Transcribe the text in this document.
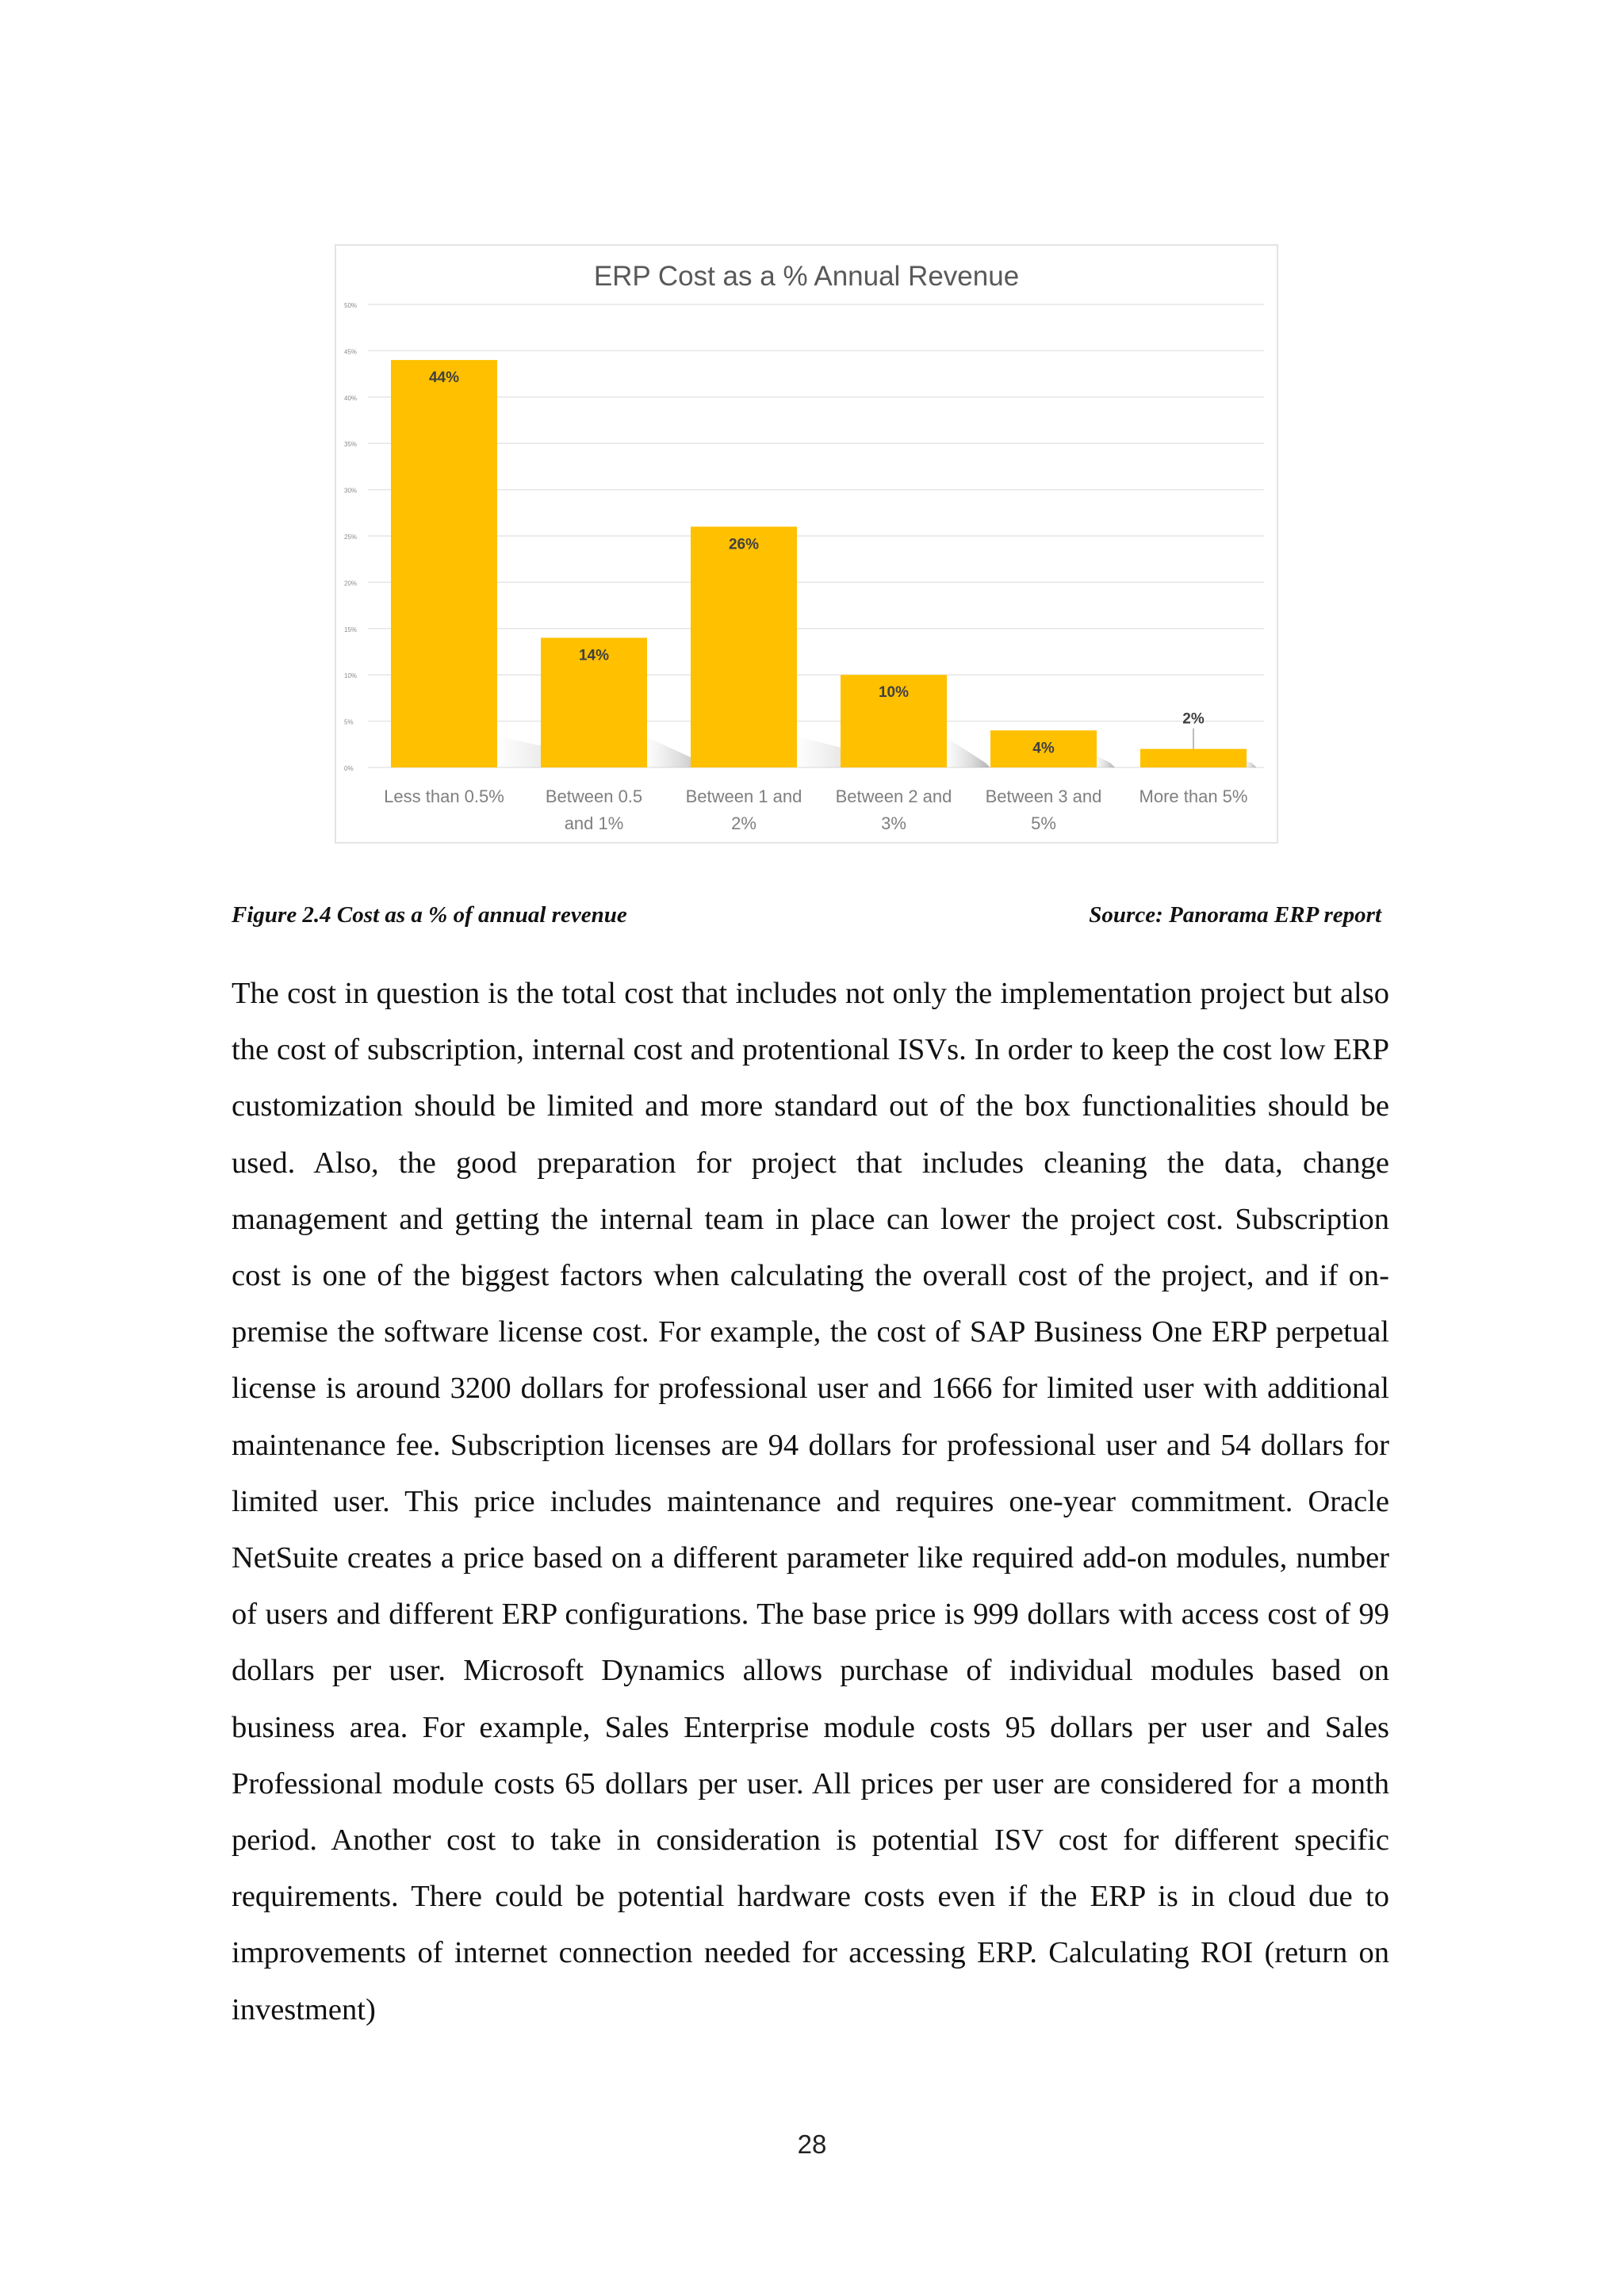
0%
5%
10%
15%
20%
25%
30%
35%
40%
45%
50%
44%
Less than 0.5%
14%
Between 0.5
and 1%
26%
Between 1 and
2%
10%
Between 2 and
3%
4%
Between 3 and
5%
2%
More than 5%
ERP Cost as a % Annual Revenue
Figure 2.4 Cost as a % of annual revenue	Source: Panorama ERP report

The cost in question is the total cost that includes not only the implementation project but also the cost of subscription, internal cost and protentional ISVs. In order to keep the cost low ERP customization should be limited and more standard out of the box functionalities should be used. Also, the good preparation for project that includes cleaning the data, change management and getting the internal team in place can lower the project cost. Subscription cost is one of the biggest factors when calculating the overall cost of the project, and if on-premise the software license cost. For example, the cost of SAP Business One ERP perpetual license is around 3200 dollars for professional user and 1666 for limited user with additional maintenance fee. Subscription licenses are 94 dollars for professional user and 54 dollars for limited user. This price includes maintenance and requires one-year commitment. Oracle NetSuite creates a price based on a different parameter like required add-on modules, number of users and different ERP configurations. The base price is 999 dollars with access cost of 99 dollars per user. Microsoft Dynamics allows purchase of individual modules based on business area. For example, Sales Enterprise module costs 95 dollars per user and Sales Professional module costs 65 dollars per user. All prices per user are considered for a month period. Another cost to take in consideration is potential ISV cost for different specific requirements. There could be potential hardware costs even if the ERP is in cloud due to improvements of internet connection needed for accessing ERP. Calculating ROI (return on investment)

28
